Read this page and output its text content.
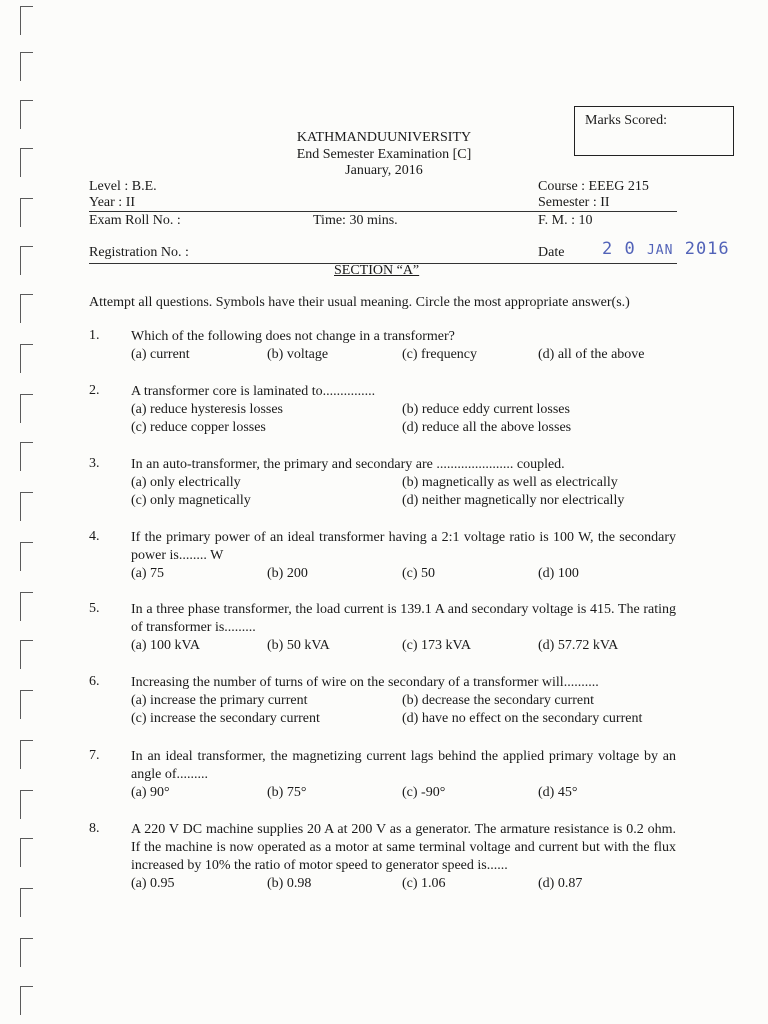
Marks Scored:
KATHMANDUUNIVERSITY
End Semester Examination [C]
January, 2016
Level : B.E.
Year : II
Course : EEEG 215
Semester : II
Exam Roll No. :	Time: 30 mins.	F. M. : 10
Registration No. :	Date 2 0 JAN 2016
SECTION “A”
Attempt all questions. Symbols have their usual meaning. Circle the most appropriate answer(s.)
1. Which of the following does not change in a transformer?
(a) current	(b) voltage	(c) frequency	(d) all of the above
2. A transformer core is laminated to...............
(a) reduce hysteresis losses	(b) reduce eddy current losses
(c) reduce copper losses	(d) reduce all the above losses
3. In an auto-transformer, the primary and secondary are ...................... coupled.
(a) only electrically	(b) magnetically as well as electrically
(c) only magnetically	(d) neither magnetically nor electrically
4. If the primary power of an ideal transformer having a 2:1 voltage ratio is 100 W, the secondary power is........ W
(a) 75	(b) 200	(c) 50	(d) 100
5. In a three phase transformer, the load current is 139.1 A and secondary voltage is 415. The rating of transformer is.........
(a) 100 kVA	(b) 50 kVA	(c) 173 kVA	(d) 57.72 kVA
6. Increasing the number of turns of wire on the secondary of a transformer will..........
(a) increase the primary current	(b) decrease the secondary current
(c) increase the secondary current	(d) have no effect on the secondary current
7. In an ideal transformer, the magnetizing current lags behind the applied primary voltage by an angle of.........
(a) 90°	(b) 75°	(c) -90°	(d) 45°
8. A 220 V DC machine supplies 20 A at 200 V as a generator. The armature resistance is 0.2 ohm. If the machine is now operated as a motor at same terminal voltage and current but with the flux increased by 10% the ratio of motor speed to generator speed is......
(a) 0.95	(b) 0.98	(c) 1.06	(d) 0.87
